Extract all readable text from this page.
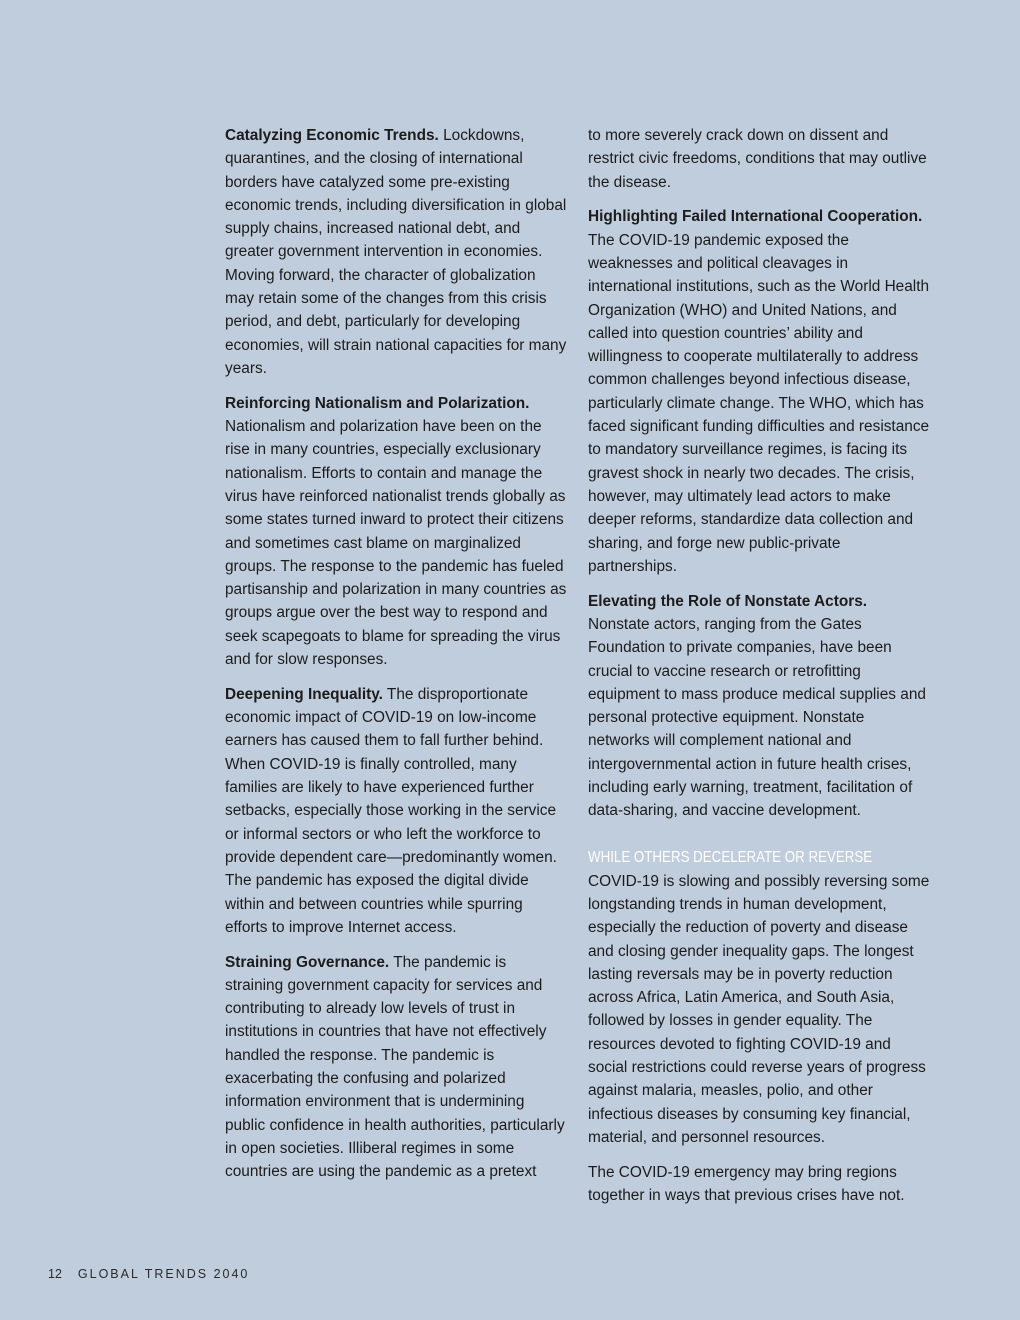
Catalyzing Economic Trends. Lockdowns, quarantines, and the closing of international borders have catalyzed some pre-existing economic trends, including diversification in global supply chains, increased national debt, and greater government intervention in economies. Moving forward, the character of globalization may retain some of the changes from this crisis period, and debt, particularly for developing economies, will strain national capacities for many years.

Reinforcing Nationalism and Polarization. Nationalism and polarization have been on the rise in many countries, especially exclusionary nationalism. Efforts to contain and manage the virus have reinforced nationalist trends globally as some states turned inward to protect their citizens and sometimes cast blame on marginalized groups. The response to the pandemic has fueled partisanship and polarization in many countries as groups argue over the best way to respond and seek scapegoats to blame for spreading the virus and for slow responses.

Deepening Inequality. The disproportionate economic impact of COVID-19 on low-income earners has caused them to fall further behind. When COVID-19 is finally controlled, many families are likely to have experienced further setbacks, especially those working in the service or informal sectors or who left the workforce to provide dependent care—predominantly women. The pandemic has exposed the digital divide within and between countries while spurring efforts to improve Internet access.

Straining Governance. The pandemic is straining government capacity for services and contributing to already low levels of trust in institutions in countries that have not effectively handled the response. The pandemic is exacerbating the confusing and polarized information environment that is undermining public confidence in health authorities, particularly in open societies. Illiberal regimes in some countries are using the pandemic as a pretext

to more severely crack down on dissent and restrict civic freedoms, conditions that may outlive the disease.

Highlighting Failed International Cooperation. The COVID-19 pandemic exposed the weaknesses and political cleavages in international institutions, such as the World Health Organization (WHO) and United Nations, and called into question countries’ ability and willingness to cooperate multilaterally to address common challenges beyond infectious disease, particularly climate change. The WHO, which has faced significant funding difficulties and resistance to mandatory surveillance regimes, is facing its gravest shock in nearly two decades. The crisis, however, may ultimately lead actors to make deeper reforms, standardize data collection and sharing, and forge new public-private partnerships.

Elevating the Role of Nonstate Actors. Nonstate actors, ranging from the Gates Foundation to private companies, have been crucial to vaccine research or retrofitting equipment to mass produce medical supplies and personal protective equipment. Nonstate networks will complement national and intergovernmental action in future health crises, including early warning, treatment, facilitation of data-sharing, and vaccine development.

WHILE OTHERS DECELERATE OR REVERSE

COVID-19 is slowing and possibly reversing some longstanding trends in human development, especially the reduction of poverty and disease and closing gender inequality gaps. The longest lasting reversals may be in poverty reduction across Africa, Latin America, and South Asia, followed by losses in gender equality. The resources devoted to fighting COVID-19 and social restrictions could reverse years of progress against malaria, measles, polio, and other infectious diseases by consuming key financial, material, and personnel resources.

The COVID-19 emergency may bring regions together in ways that previous crises have not.

12 GLOBAL TRENDS 2040
